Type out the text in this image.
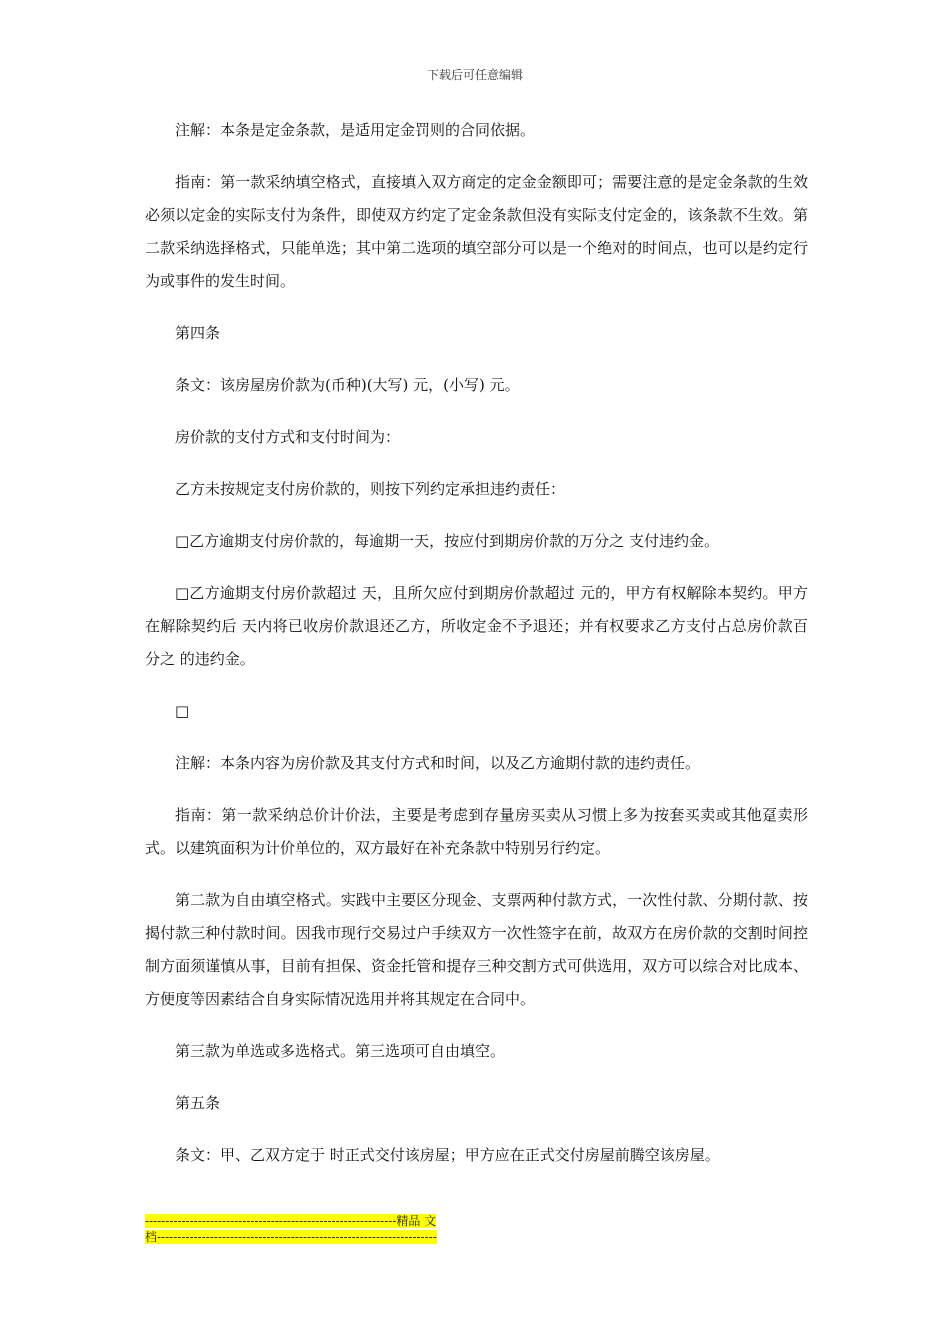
下载后可任意编辑

注解：本条是定金条款，是适用定金罚则的合同依据。

指南：第一款采纳填空格式，直接填入双方商定的定金金额即可；需要注意的是定金条款的生效必须以定金的实际支付为条件，即使双方约定了定金条款但没有实际支付定金的，该条款不生效。第二款采纳选择格式，只能单选；其中第二选项的填空部分可以是一个绝对的时间点，也可以是约定行为或事件的发生时间。

第四条

条文：该房屋房价款为(币种)(大写) 元，(小写) 元。

房价款的支付方式和支付时间为：

乙方未按规定支付房价款的，则按下列约定承担违约责任：

□乙方逾期支付房价款的，每逾期一天，按应付到期房价款的万分之 支付违约金。

□乙方逾期支付房价款超过 天，且所欠应付到期房价款超过 元的，甲方有权解除本契约。甲方在解除契约后 天内将已收房价款退还乙方，所收定金不予退还；并有权要求乙方支付占总房价款百分之 的违约金。

□

注解：本条内容为房价款及其支付方式和时间，以及乙方逾期付款的违约责任。

指南：第一款采纳总价计价法，主要是考虑到存量房买卖从习惯上多为按套买卖或其他趸卖形式。以建筑面积为计价单位的，双方最好在补充条款中特别另行约定。

第二款为自由填空格式。实践中主要区分现金、支票两种付款方式，一次性付款、分期付款、按揭付款三种付款时间。因我市现行交易过户手续双方一次性签字在前，故双方在房价款的交割时间控制方面须谨慎从事，目前有担保、资金托管和提存三种交割方式可供选用，双方可以综合对比成本、方便度等因素结合自身实际情况选用并将其规定在合同中。

第三款为单选或多选格式。第三选项可自由填空。

第五条

条文：甲、乙双方定于 时正式交付该房屋；甲方应在正式交付房屋前腾空该房屋。

--------------------------------------------------------------精品 文
档---------------------------------------------------------------------
